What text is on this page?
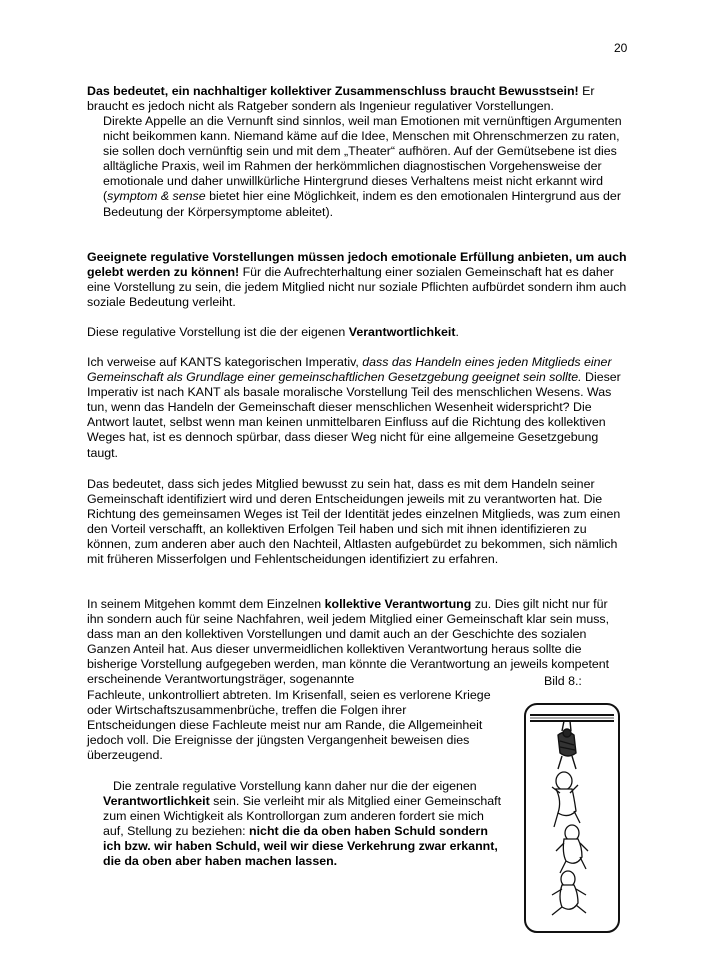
20

Das bedeutet, ein nachhaltiger kollektiver Zusammenschluss braucht Bewusstsein! Er braucht es jedoch nicht als Ratgeber sondern als Ingenieur regulativer Vorstellungen.

Direkte Appelle an die Vernunft sind sinnlos, weil man Emotionen mit vernünftigen Argumenten nicht beikommen kann. Niemand käme auf die Idee, Menschen mit Ohrenschmerzen zu raten, sie sollen doch vernünftig sein und mit dem „Theater“ aufhören. Auf der Gemütsebene ist dies alltägliche Praxis, weil im Rahmen der herkömmlichen diagnostischen Vorgehensweise der emotionale und daher unwillkürliche Hintergrund dieses Verhaltens meist nicht erkannt wird (symptom & sense bietet hier eine Möglichkeit, indem es den emotionalen Hintergrund aus der Bedeutung der Körpersymptome ableitet).

Geeignete regulative Vorstellungen müssen jedoch emotionale Erfüllung anbieten, um auch gelebt werden zu können! Für die Aufrechterhaltung einer sozialen Gemeinschaft hat es daher eine Vorstellung zu sein, die jedem Mitglied nicht nur soziale Pflichten aufbürdet sondern ihm auch soziale Bedeutung verleiht.

Diese regulative Vorstellung ist die der eigenen Verantwortlichkeit.

Ich verweise auf KANTS kategorischen Imperativ, dass das Handeln eines jeden Mitglieds einer Gemeinschaft als Grundlage einer gemeinschaftlichen Gesetzgebung geeignet sein sollte. Dieser Imperativ ist nach KANT als basale moralische Vorstellung Teil des menschlichen Wesens. Was tun, wenn das Handeln der Gemeinschaft dieser menschlichen Wesenheit widerspricht? Die Antwort lautet, selbst wenn man keinen unmittelbaren Einfluss auf die Richtung des kollektiven Weges hat, ist es dennoch spürbar, dass dieser Weg nicht für eine allgemeine Gesetzgebung taugt.

Das bedeutet, dass sich jedes Mitglied bewusst zu sein hat, dass es mit dem Handeln seiner Gemeinschaft identifiziert wird und deren Entscheidungen jeweils mit zu verantworten hat. Die Richtung des gemeinsamen Weges ist Teil der Identität jedes einzelnen Mitglieds, was zum einen den Vorteil verschafft, an kollektiven Erfolgen Teil haben und sich mit ihnen identifizieren zu können, zum anderen aber auch den Nachteil, Altlasten aufgebürdet zu bekommen, sich nämlich mit früheren Misserfolgen und Fehlentscheidungen identifiziert zu erfahren.

In seinem Mitgehen kommt dem Einzelnen kollektive Verantwortung zu. Dies gilt nicht nur für ihn sondern auch für seine Nachfahren, weil jedem Mitglied einer Gemeinschaft klar sein muss, dass man an den kollektiven Vorstellungen und damit auch an der Geschichte des sozialen Ganzen Anteil hat. Aus dieser unvermeidlichen kollektiven Verantwortung heraus sollte die bisherige Vorstellung aufgegeben werden, man könnte die Verantwortung an jeweils kompetent erscheinende Verantwortungsträger, sogenannte

Fachleute, unkontrolliert abtreten. Im Krisenfall, seien es verlorene Kriege oder Wirtschaftszusammenbrüche, treffen die Folgen ihrer Entscheidungen diese Fachleute meist nur am Rande, die Allgemeinheit jedoch voll. Die Ereignisse der jüngsten Vergangenheit beweisen dies überzeugend.

Bild 8.:

Die zentrale regulative Vorstellung kann daher nur die der eigenen Verantwortlichkeit sein. Sie verleiht mir als Mitglied einer Gemeinschaft zum einen Wichtigkeit als Kontrollorgan zum anderen fordert sie mich auf, Stellung zu beziehen: nicht die da oben haben Schuld sondern ich bzw. wir haben Schuld, weil wir diese Verkehrung zwar erkannt, die da oben aber haben machen lassen.
